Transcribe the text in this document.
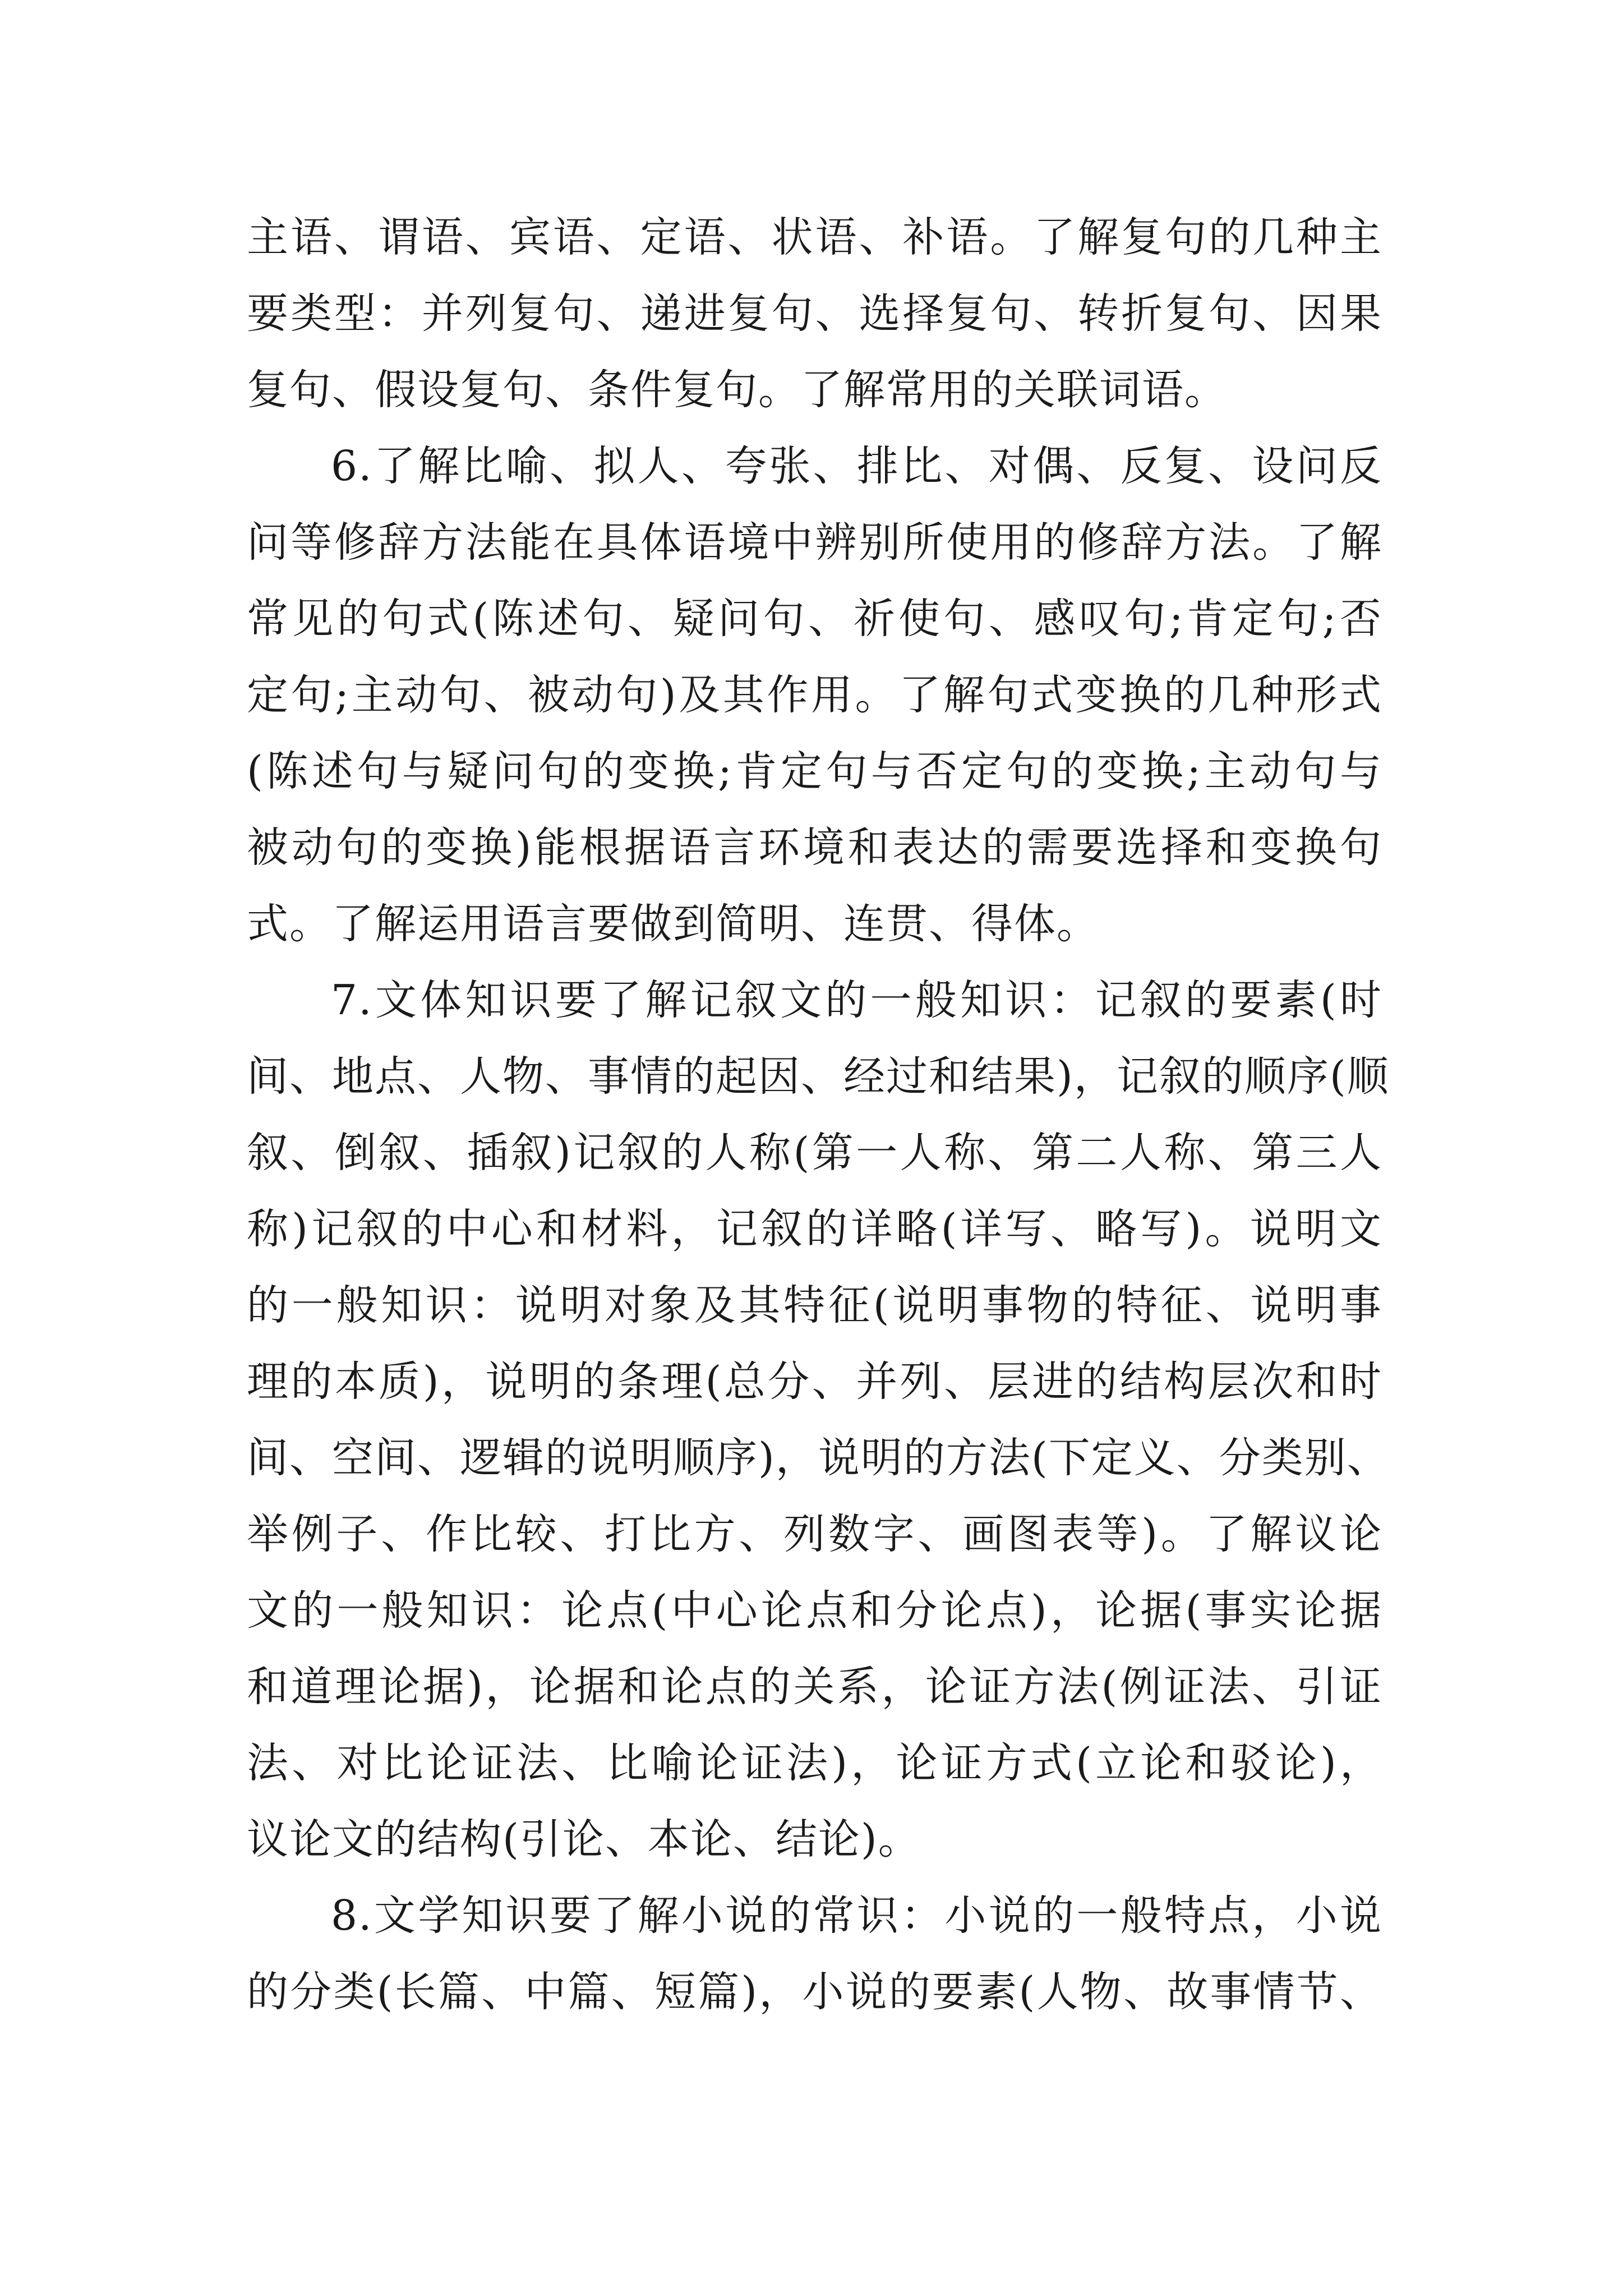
主语、谓语、宾语、定语、状语、补语。了解复句的几种主
要类型：并列复句、递进复句、选择复句、转折复句、因果
复句、假设复句、条件复句。了解常用的关联词语。
6.了解比喻、拟人、夸张、排比、对偶、反复、设问反
问等修辞方法能在具体语境中辨别所使用的修辞方法。了解
常见的句式(陈述句、疑问句、祈使句、感叹句;肯定句;否
定句;主动句、被动句)及其作用。了解句式变换的几种形式
(陈述句与疑问句的变换;肯定句与否定句的变换;主动句与
被动句的变换)能根据语言环境和表达的需要选择和变换句
式。了解运用语言要做到简明、连贯、得体。
7.文体知识要了解记叙文的一般知识：记叙的要素(时
间、地点、人物、事情的起因、经过和结果)，记叙的顺序(顺
叙、倒叙、插叙)记叙的人称(第一人称、第二人称、第三人
称)记叙的中心和材料，记叙的详略(详写、略写)。说明文
的一般知识：说明对象及其特征(说明事物的特征、说明事
理的本质)，说明的条理(总分、并列、层进的结构层次和时
间、空间、逻辑的说明顺序)，说明的方法(下定义、分类别、
举例子、作比较、打比方、列数字、画图表等)。了解议论
文的一般知识：论点(中心论点和分论点)，论据(事实论据
和道理论据)，论据和论点的关系，论证方法(例证法、引证
法、对比论证法、比喻论证法)，论证方式(立论和驳论)，
议论文的结构(引论、本论、结论)。
8.文学知识要了解小说的常识：小说的一般特点，小说
的分类(长篇、中篇、短篇)，小说的要素(人物、故事情节、
